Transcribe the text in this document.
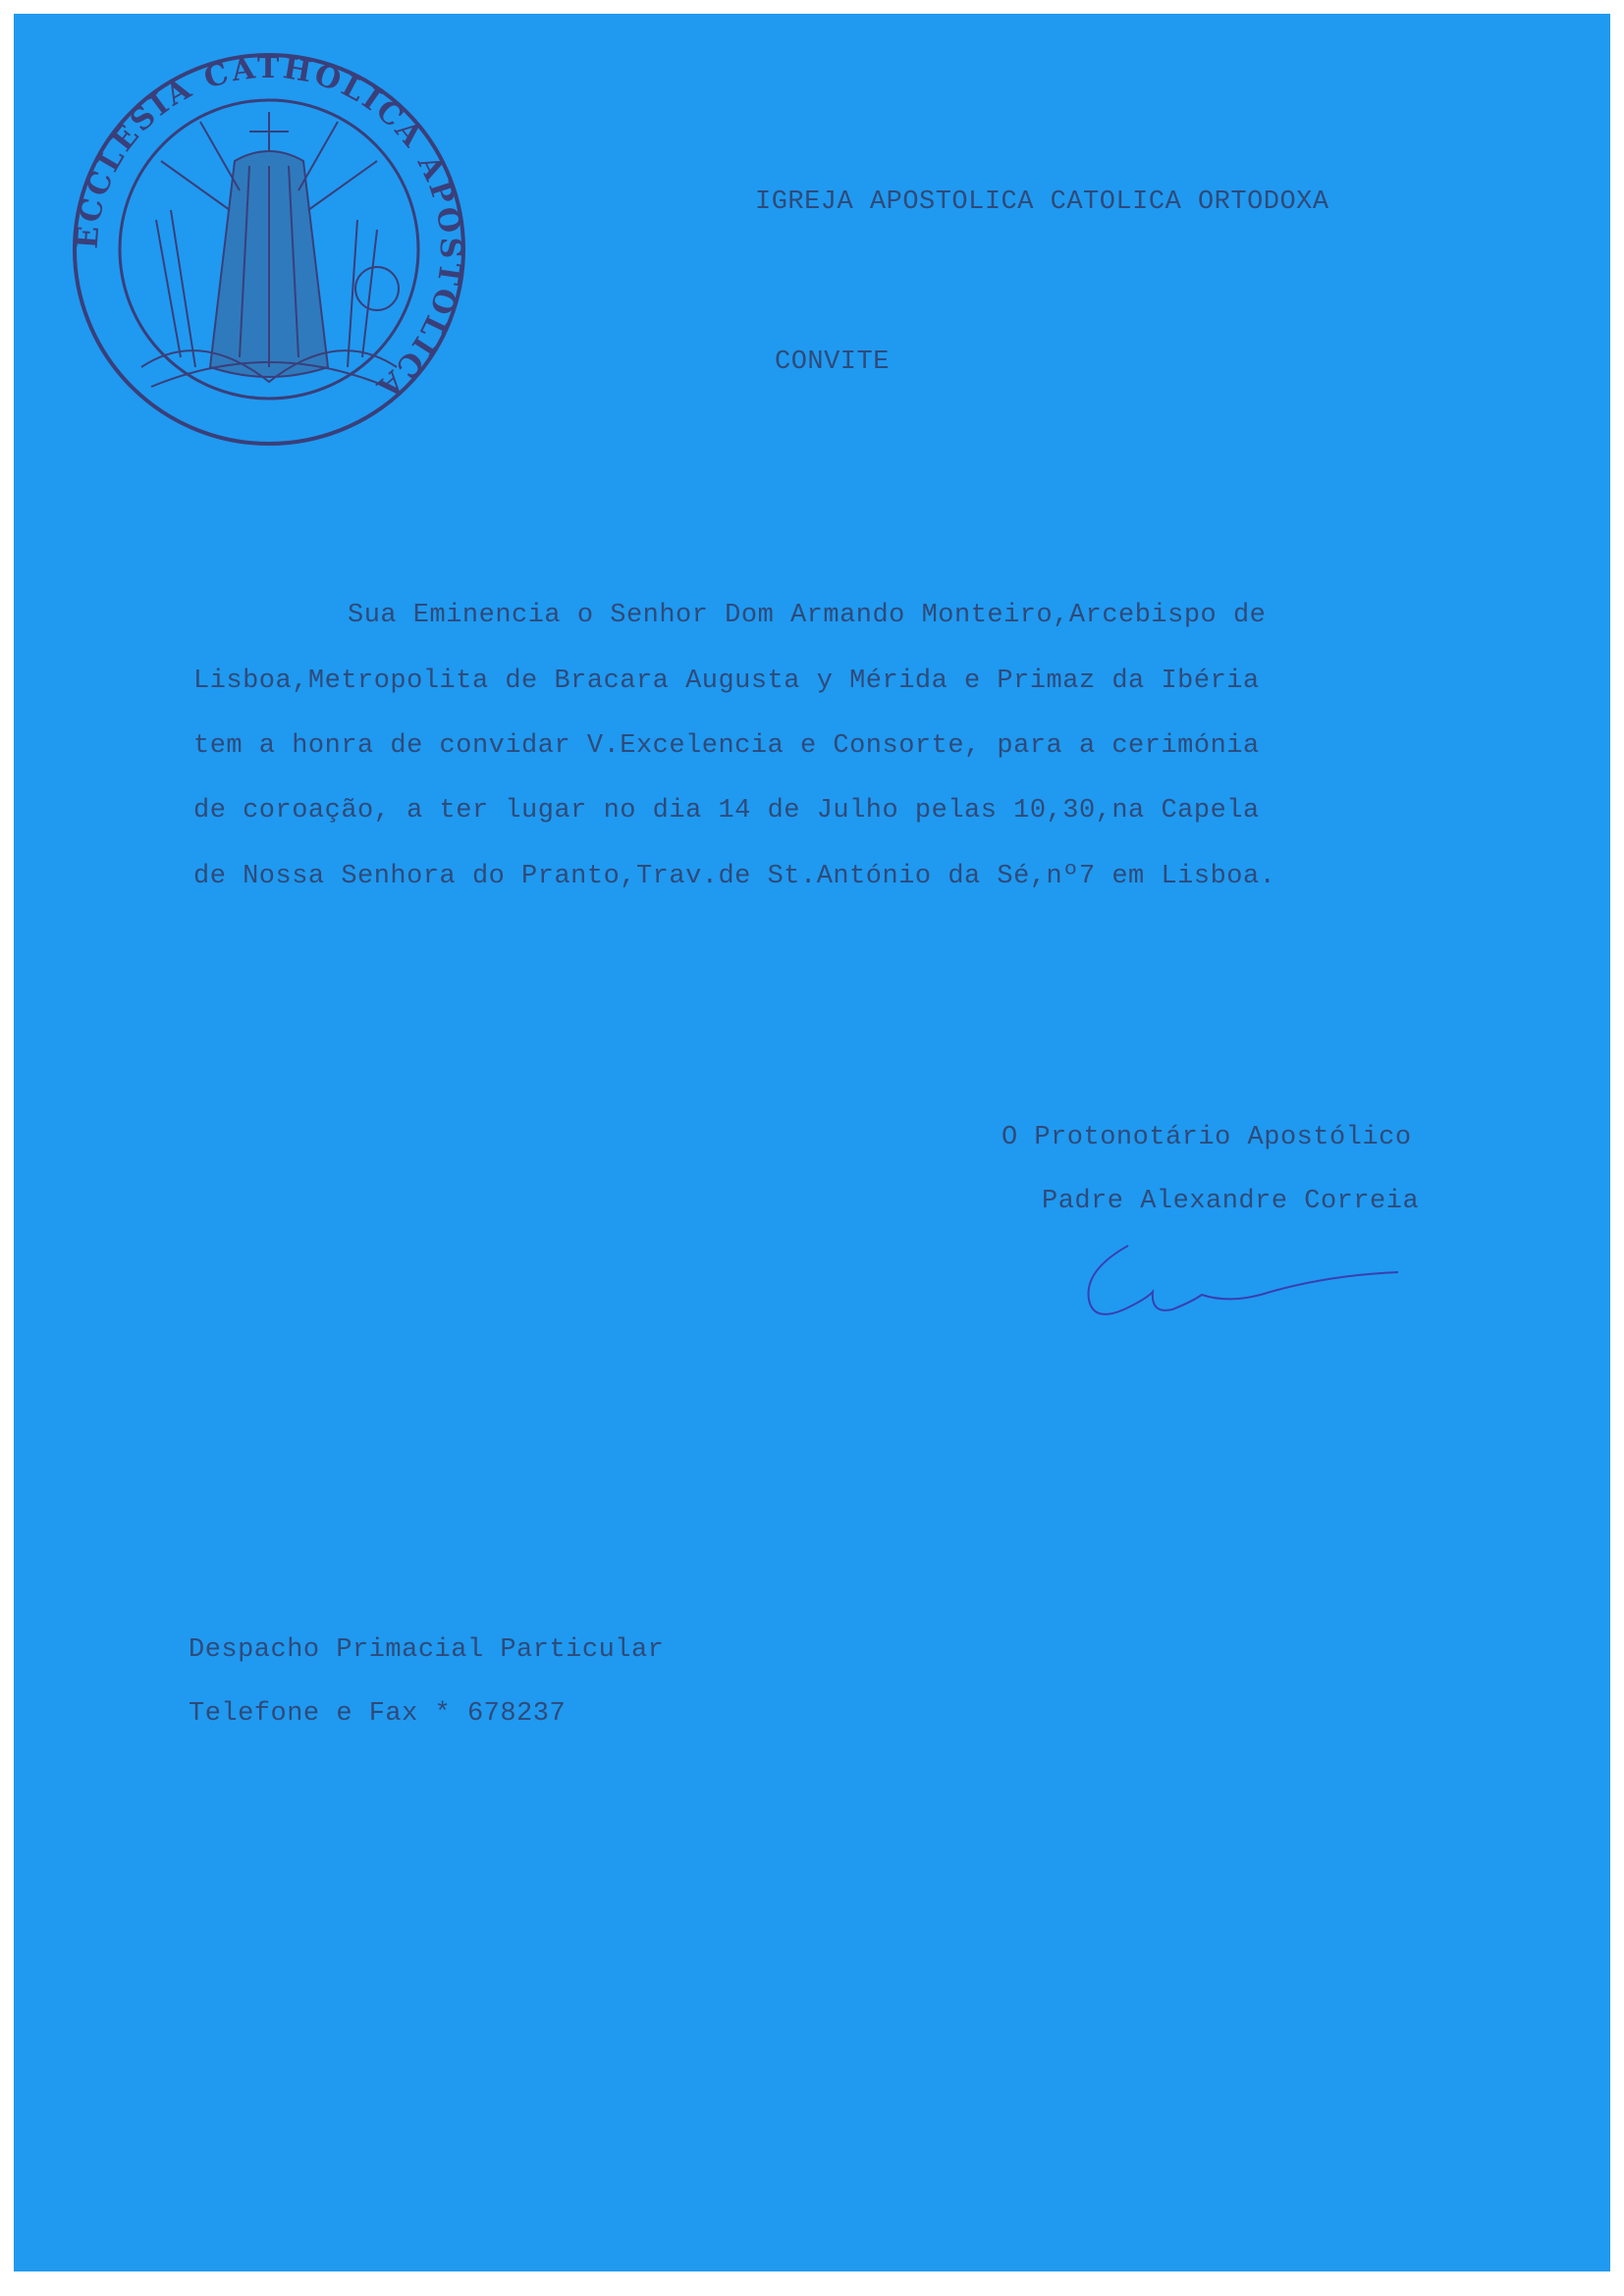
ECCLESIA CATHOLICA APOSTOLICA
IGREJA APOSTOLICA CATOLICA ORTODOXA
CONVITE
Sua Eminencia o Senhor Dom Armando Monteiro,Arcebispo de
Lisboa,Metropolita de Bracara Augusta y Mérida e Primaz da Ibéria
tem a honra de convidar V.Excelencia e Consorte, para a cerimónia
de coroação, a ter lugar no dia 14 de Julho pelas 10,30,na Capela
de Nossa Senhora do Pranto,Trav.de St.António da Sé,nº7 em Lisboa.
O Protonotário Apostólico
Padre Alexandre Correia
Despacho Primacial Particular
Telefone e Fax * 678237
